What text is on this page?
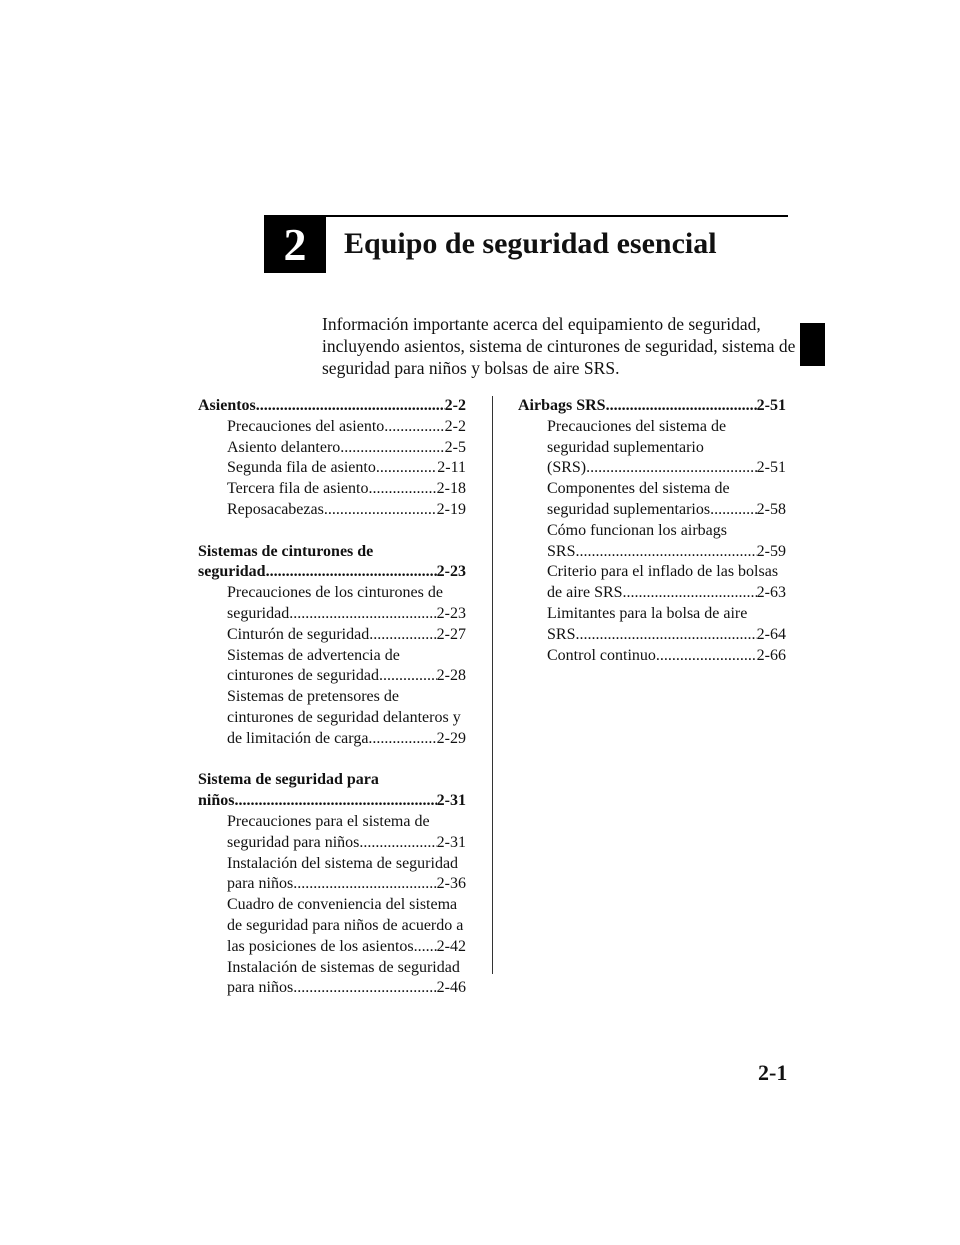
2 Equipo de seguridad esencial
Información importante acerca del equipamiento de seguridad,
incluyendo asientos, sistema de cinturones de seguridad, sistema de
seguridad para niños y bolsas de aire SRS.
Asientos .....	2-2
Precauciones del asiento .....	2-2
Asiento delantero .....	2-5
Segunda fila de asiento .....	2-11
Tercera fila de asiento .....	2-18
Reposacabezas .....	2-19
Sistemas de cinturones de
seguridad .....	2-23
Precauciones de los cinturones de
seguridad .....	2-23
Cinturón de seguridad .....	2-27
Sistemas de advertencia de
cinturones de seguridad .....	2-28
Sistemas de pretensores de
cinturones de seguridad delanteros y
de limitación de carga .....	2-29
Sistema de seguridad para
niños .....	2-31
Precauciones para el sistema de
seguridad para niños .....	2-31
Instalación del sistema de seguridad
para niños .....	2-36
Cuadro de conveniencia del sistema
de seguridad para niños de acuerdo a
las posiciones de los asientos ..... 2-42
Instalación de sistemas de seguridad
para niños .....	2-46
Airbags SRS .....	2-51
Precauciones del sistema de
seguridad suplementario
(SRS) .....	2-51
Componentes del sistema de
seguridad suplementarios .....	2-58
Cómo funcionan los airbags
SRS .....	2-59
Criterio para el inflado de las bolsas
de aire SRS .....	2-63
Limitantes para la bolsa de aire
SRS .....	2-64
Control continuo .....	2-66
2-1
